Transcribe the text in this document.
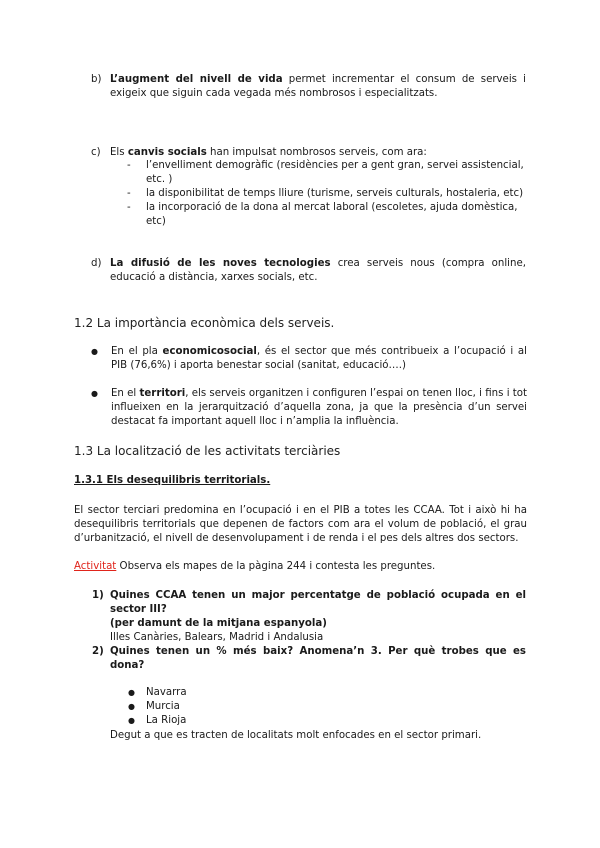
b) L’augment del nivell de vida permet incrementar el consum de serveis i exigeix que siguin cada vegada més nombrosos i especialitzats.
c) Els canvis socials han impulsat nombrosos serveis, com ara:
- l’envelliment demogràfic (residències per a gent gran, servei assistencial, etc. )
- la disponibilitat de temps lliure (turisme, serveis culturals, hostaleria, etc)
- la incorporació de la dona al mercat laboral (escoletes, ajuda domèstica, etc)
d) La difusió de les noves tecnologies crea serveis nous (compra online, educació a distància, xarxes socials, etc.
1.2 La importància econòmica dels serveis.
● En el pla economicosocial, és el sector que més contribueix a l’ocupació i al PIB (76,6%) i aporta benestar social (sanitat, educació….)
● En el territori, els serveis organitzen i configuren l’espai on tenen lloc, i fins i tot influeixen en la jerarquització d’aquella zona, ja que la presència d’un servei destacat fa important aquell lloc i n’amplia la influència.
1.3 La localització de les activitats terciàries
1.3.1 Els desequilibris territorials.
El sector terciari predomina en l’ocupació i en el PIB a totes les CCAA. Tot i això hi ha desequilibris territorials que depenen de factors com ara el volum de població, el grau d’urbanització, el nivell de desenvolupament i de renda i el pes dels altres dos sectors.
Activitat Observa els mapes de la pàgina 244 i contesta les preguntes.
1) Quines CCAA tenen un major percentatge de població ocupada en el sector III?
(per damunt de la mitjana espanyola)
Illes Canàries, Balears, Madrid i Andalusia
2) Quines tenen un % més baix? Anomena’n 3. Per què trobes que es dona?
● Navarra
● Murcia
● La Rioja
Degut a que es tracten de localitats molt enfocades en el sector primari.
